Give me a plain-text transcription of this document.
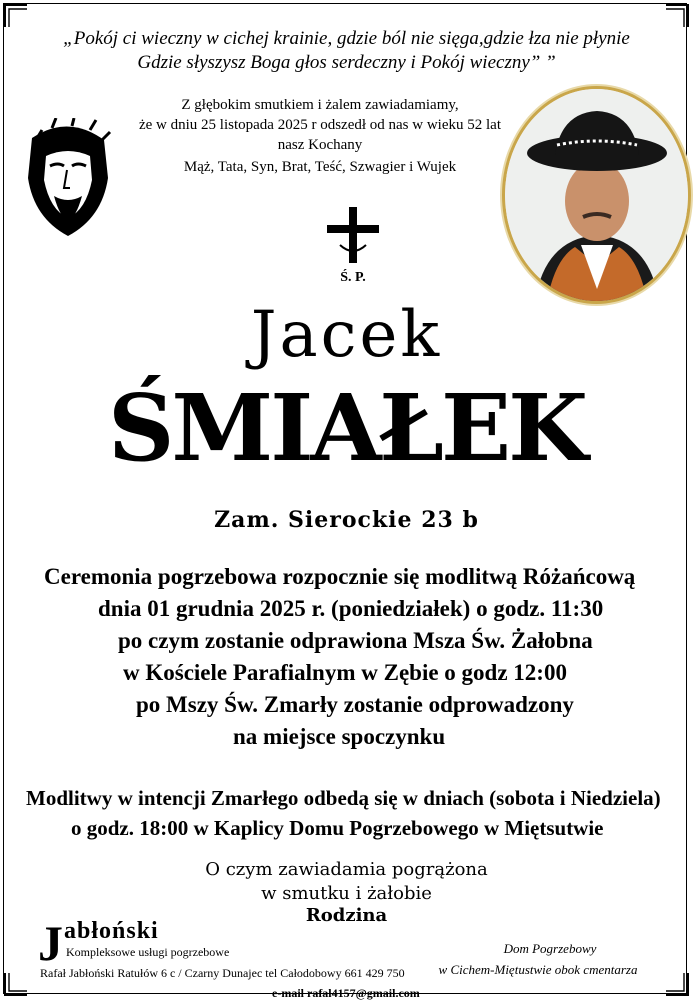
„Pokój ci wieczny w cichej krainie, gdzie ból nie sięga,gdzie łza nie płynie
Gdzie słyszysz Boga głos serdeczny i Pokój wieczny” ”
Z głębokim smutkiem i żalem zawiadamiamy,
że w dniu 25 listopada 2025 r odszedł od nas w wieku 52 lat
nasz Kochany
Mąż, Tata, Syn, Brat, Teść, Szwagier i Wujek
Ś. P.
Jacek
ŚMIAŁEK
Zam. Sierockie 23 b
Ceremonia pogrzebowa rozpocznie się modlitwą Różańcową
dnia 01 grudnia 2025 r. (poniedziałek) o godz. 11:30
po czym zostanie odprawiona Msza Św. Żałobna
w Kościele Parafialnym w Zębie o godz 12:00
po Mszy Św. Zmarły zostanie odprowadzony
na miejsce spoczynku
Modlitwy w intencji Zmarłego odbedą się w dniach (sobota i Niedziela)
o godz. 18:00 w Kaplicy Domu Pogrzebowego w Miętsutwie
O czym zawiadamia pogrążona
w smutku i żałobie
Rodzina
J abłoński
Kompleksowe usługi pogrzebowe
Rafał Jabłoński Ratułów 6 c / Czarny Dunajec tel Całodobowy 661 429 750
e-mail rafal4157@gmail.com
Dom Pogrzebowy
w Cichem-Miętustwie obok cmentarza
